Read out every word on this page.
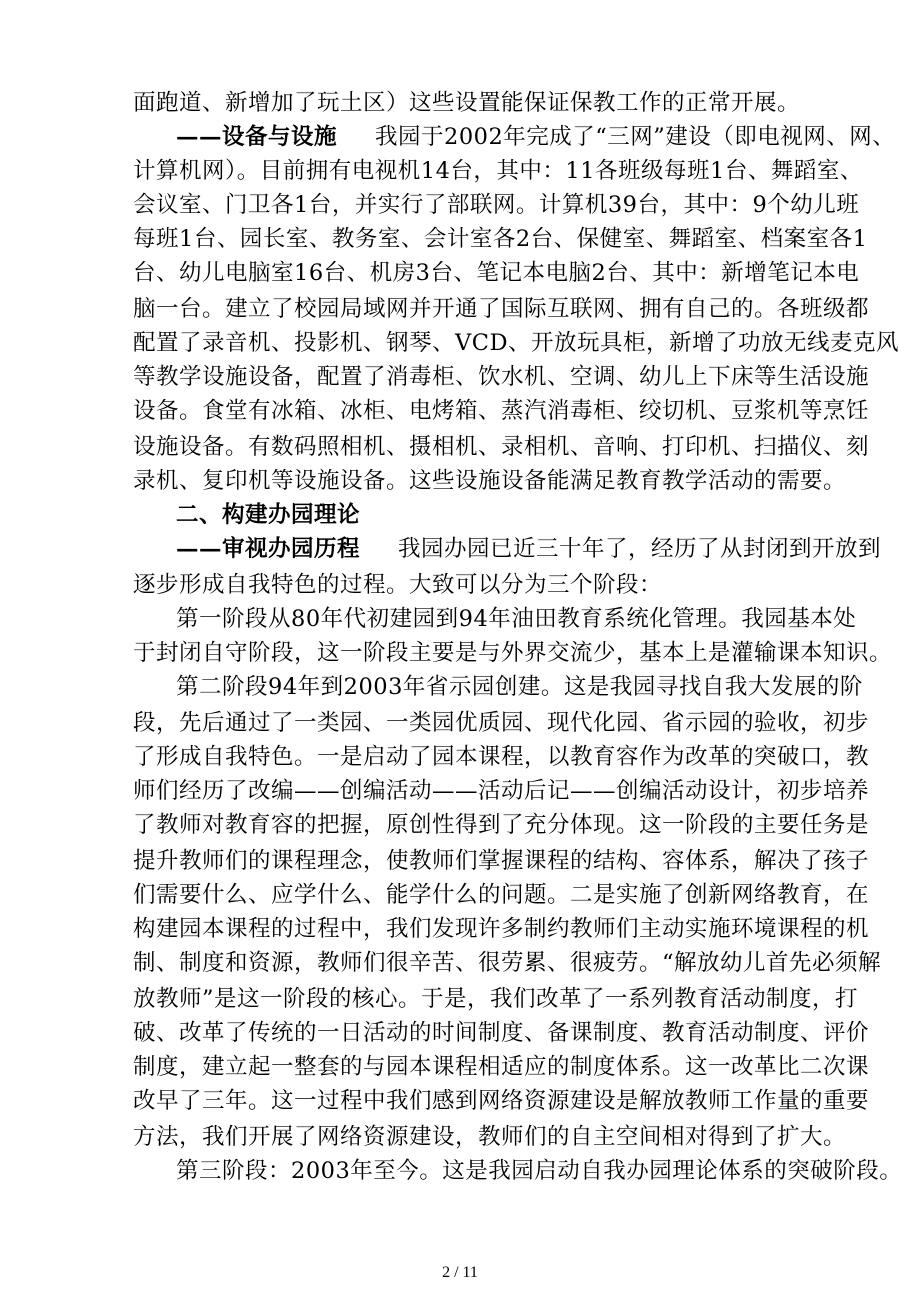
面跑道、新增加了玩土区）这些设置能保证保教工作的正常开展。
——设备与设施 我园于2002年完成了“三网”建设（即电视网、网、
计算机网）。目前拥有电视机14台，其中：11各班级每班1台、舞蹈室、
会议室、门卫各1台，并实行了部联网。计算机39台，其中：9个幼儿班
每班1台、园长室、教务室、会计室各2台、保健室、舞蹈室、档案室各1
台、幼儿电脑室16台、机房3台、笔记本电脑2台、其中：新增笔记本电
脑一台。建立了校园局域网并开通了国际互联网、拥有自己的。各班级都
配置了录音机、投影机、钢琴、VCD、开放玩具柜，新增了功放无线麦克风
等教学设施设备，配置了消毒柜、饮水机、空调、幼儿上下床等生活设施
设备。食堂有冰箱、冰柜、电烤箱、蒸汽消毒柜、绞切机、豆浆机等烹饪
设施设备。有数码照相机、摄相机、录相机、音响、打印机、扫描仪、刻
录机、复印机等设施设备。这些设施设备能满足教育教学活动的需要。
二、构建办园理论
——审视办园历程 我园办园已近三十年了，经历了从封闭到开放到
逐步形成自我特色的过程。大致可以分为三个阶段：
第一阶段从80年代初建园到94年油田教育系统化管理。我园基本处
于封闭自守阶段，这一阶段主要是与外界交流少，基本上是灌输课本知识。
第二阶段94年到2003年省示园创建。这是我园寻找自我大发展的阶
段，先后通过了一类园、一类园优质园、现代化园、省示园的验收，初步
了形成自我特色。一是启动了园本课程，以教育容作为改革的突破口，教
师们经历了改编——创编活动——活动后记——创编活动设计，初步培养
了教师对教育容的把握，原创性得到了充分体现。这一阶段的主要任务是
提升教师们的课程理念，使教师们掌握课程的结构、容体系，解决了孩子
们需要什么、应学什么、能学什么的问题。二是实施了创新网络教育，在
构建园本课程的过程中，我们发现许多制约教师们主动实施环境课程的机
制、制度和资源，教师们很辛苦、很劳累、很疲劳。“解放幼儿首先必须解
放教师”是这一阶段的核心。于是，我们改革了一系列教育活动制度，打
破、改革了传统的一日活动的时间制度、备课制度、教育活动制度、评价
制度，建立起一整套的与园本课程相适应的制度体系。这一改革比二次课
改早了三年。这一过程中我们感到网络资源建设是解放教师工作量的重要
方法，我们开展了网络资源建设，教师们的自主空间相对得到了扩大。
第三阶段：2003年至今。这是我园启动自我办园理论体系的突破阶段。
2 / 11
